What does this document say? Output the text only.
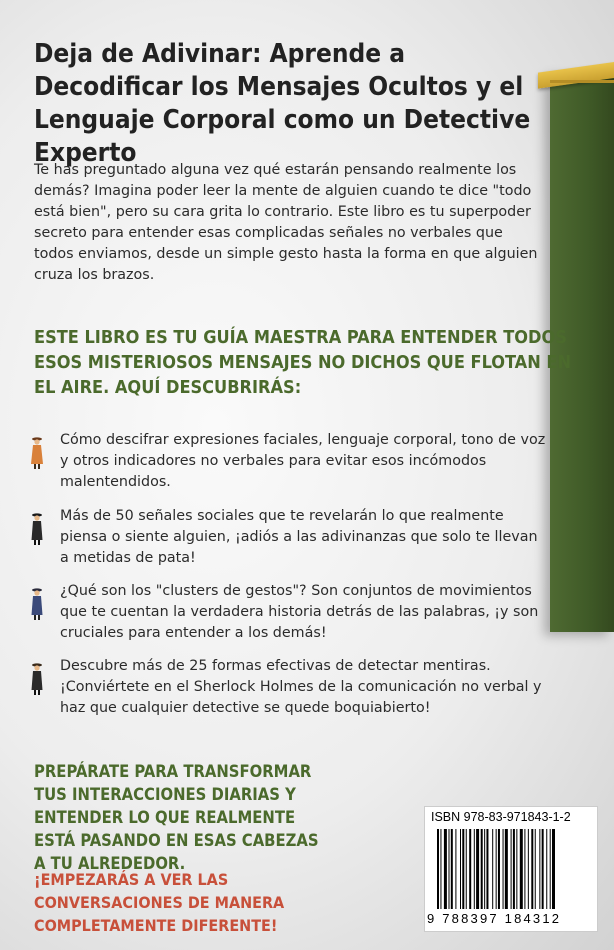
Deja de Adivinar: Aprende a Decodificar los Mensajes Ocultos y el Lenguaje Corporal como un Detective Experto

Te has preguntado alguna vez qué estarán pensando realmente los demás? Imagina poder leer la mente de alguien cuando te dice "todo está bien", pero su cara grita lo contrario. Este libro es tu superpoder secreto para entender esas complicadas señales no verbales que todos enviamos, desde un simple gesto hasta la forma en que alguien cruza los brazos.

ESTE LIBRO ES TU GUÍA MAESTRA PARA ENTENDER TODOS ESOS MISTERIOSOS MENSAJES NO DICHOS QUE FLOTAN EN EL AIRE. AQUÍ DESCUBRIRÁS:

Cómo descifrar expresiones faciales, lenguaje corporal, tono de voz y otros indicadores no verbales para evitar esos incómodos malentendidos.

Más de 50 señales sociales que te revelarán lo que realmente piensa o siente alguien, ¡adiós a las adivinanzas que solo te llevan a metidas de pata!

¿Qué son los "clusters de gestos"? Son conjuntos de movimientos que te cuentan la verdadera historia detrás de las palabras, ¡y son cruciales para entender a los demás!

Descubre más de 25 formas efectivas de detectar mentiras. ¡Conviértete en el Sherlock Holmes de la comunicación no verbal y haz que cualquier detective se quede boquiabierto!

PREPÁRATE PARA TRANSFORMAR TUS INTERACCIONES DIARIAS Y ENTENDER LO QUE REALMENTE ESTÁ PASANDO EN ESAS CABEZAS A TU ALREDEDOR.

¡EMPEZARÁS A VER LAS CONVERSACIONES DE MANERA COMPLETAMENTE DIFERENTE!

ISBN 978-83-971843-1-2
9 788397 184312
